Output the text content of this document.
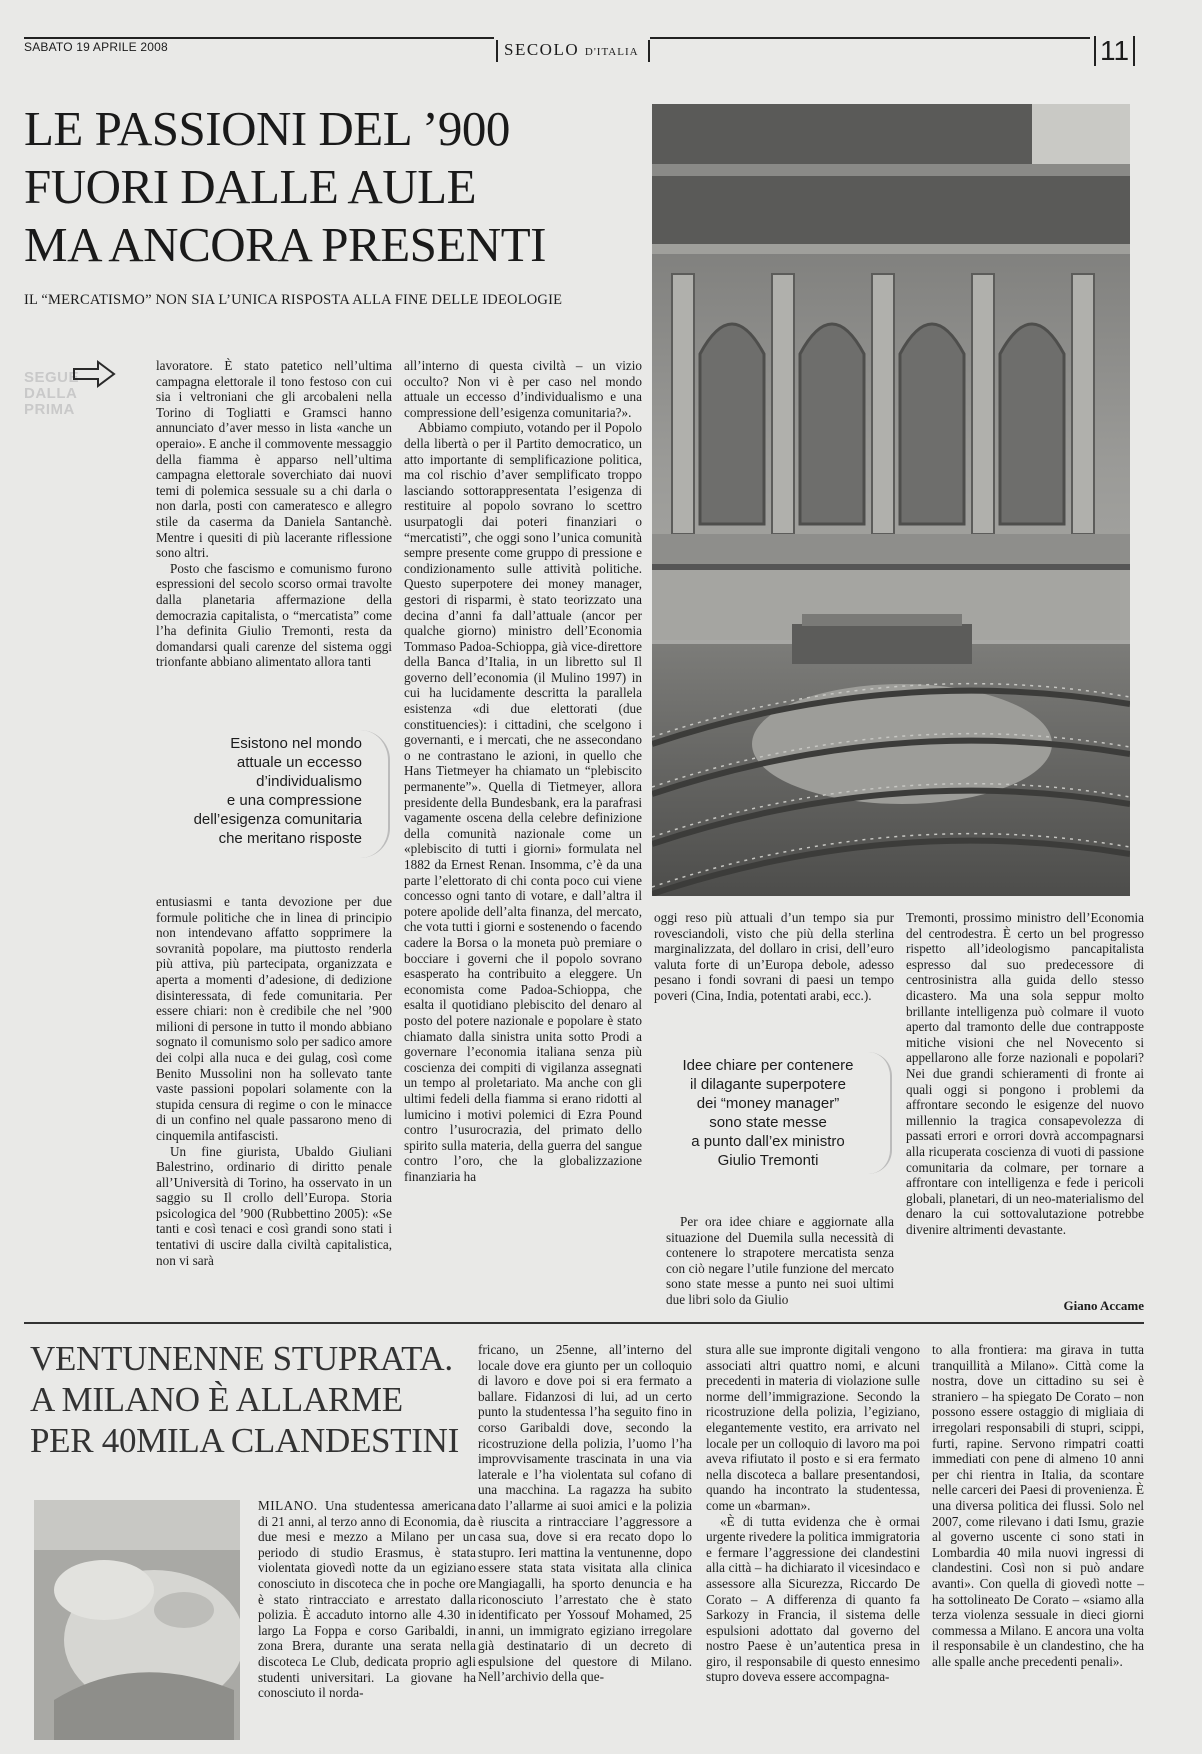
SABATO 19 APRILE 2008	SECOLO D'ITALIA	11
LE PASSIONI DEL ’900
FUORI DALLE AULE
MA ANCORA PRESENTI
IL “MERCATISMO” NON SIA L’UNICA RISPOSTA ALLA FINE DELLE IDEOLOGIE
SEGUE
DALLA
PRIMA

lavoratore. È stato patetico nell’ultima campagna elettorale il tono festoso con cui sia i veltroniani che gli arcobaleni nella Torino di Togliatti e Gramsci hanno annunciato d’aver messo in lista «anche un operaio». E anche il commovente messaggio della fiamma è apparso nell’ultima campagna elettorale soverchiato dai nuovi temi di polemica sessuale su a chi darla o non darla, posti con cameratesco e allegro stile da caserma da Daniela Santanchè. Mentre i quesiti di più lacerante riflessione sono altri.

Posto che fascismo e comunismo furono espressioni del secolo scorso ormai travolte dalla planetaria affermazione della democrazia capitalista, o “mercatista” come l’ha definita Giulio Tremonti, resta da domandarsi quali carenze del sistema oggi trionfante abbiano alimentato allora tanti

Esistono nel mondo
attuale un eccesso
d’individualismo
e una compressione
dell’esigenza comunitaria
che meritano risposte

entusiasmi e tanta devozione per due formule politiche che in linea di principio non intendevano affatto sopprimere la sovranità popolare, ma piuttosto renderla più attiva, più partecipata, organizzata e aperta a momenti d’adesione, di dedizione disinteressata, di fede comunitaria. Per essere chiari: non è credibile che nel ’900 milioni di persone in tutto il mondo abbiano sognato il comunismo solo per sadico amore dei colpi alla nuca e dei gulag, così come Benito Mussolini non ha sollevato tante vaste passioni popolari solamente con la stupida censura di regime o con le minacce di un confino nel quale passarono meno di cinquemila antifascisti.

Un fine giurista, Ubaldo Giuliani Balestrino, ordinario di diritto penale all’Università di Torino, ha osservato in un saggio su Il crollo dell’Europa. Storia psicologica del ’900 (Rubbettino 2005): «Se tanti e così tenaci e così grandi sono stati i tentativi di uscire dalla civiltà capitalistica, non vi sarà

all’interno di questa civiltà – un vizio occulto? Non vi è per caso nel mondo attuale un eccesso d’individualismo e una compressione dell’esigenza comunitaria?».

Abbiamo compiuto, votando per il Popolo della libertà o per il Partito democratico, un atto importante di semplificazione politica, ma col rischio d’aver semplificato troppo lasciando sottorappresentata l’esigenza di restituire al popolo sovrano lo scettro usurpatogli dai poteri finanziari o “mercatisti”, che oggi sono l’unica comunità sempre presente come gruppo di pressione e condizionamento sulle attività politiche. Questo superpotere dei money manager, gestori di risparmi, è stato teorizzato una decina d’anni fa dall’attuale (ancor per qualche giorno) ministro dell’Economia Tommaso Padoa-Schioppa, già vice-direttore della Banca d’Italia, in un libretto sul Il governo dell’economia (il Mulino 1997) in cui ha lucidamente descritta la parallela esistenza «di due elettorati (due constituencies): i cittadini, che scelgono i governanti, e i mercati, che ne assecondano o ne contrastano le azioni, in quello che Hans Tietmeyer ha chiamato un “plebiscito permanente”». Quella di Tietmeyer, allora presidente della Bundesbank, era la parafrasi vagamente oscena della celebre definizione della comunità nazionale come un «plebiscito di tutti i giorni» formulata nel 1882 da Ernest Renan. Insomma, c’è da una parte l’elettorato di chi conta poco cui viene concesso ogni tanto di votare, e dall’altra il potere apolide dell’alta finanza, del mercato, che vota tutti i giorni e sostenendo o facendo cadere la Borsa o la moneta può premiare o bocciare i governi che il popolo sovrano esasperato ha contribuito a eleggere. Un economista come Padoa-Schioppa, che esalta il quotidiano plebiscito del denaro al posto del potere nazionale e popolare è stato chiamato dalla sinistra unita sotto Prodi a governare l’economia italiana senza più coscienza dei compiti di vigilanza assegnati un tempo al proletariato. Ma anche con gli ultimi fedeli della fiamma si erano ridotti al lumicino i motivi polemici di Ezra Pound contro l’usurocrazia, del primato dello spirito sulla materia, della guerra del sangue contro l’oro, che la globalizzazione finanziaria ha

oggi reso più attuali d’un tempo sia pur rovesciandoli, visto che più della sterlina marginalizzata, del dollaro in crisi, dell’euro valuta forte di un’Europa debole, adesso pesano i fondi sovrani di paesi un tempo poveri (Cina, India, potentati arabi, ecc.).

Idee chiare per contenere
il dilagante superpotere
dei “money manager”
sono state messe
a punto dall’ex ministro
Giulio Tremonti

Per ora idee chiare e aggiornate alla situazione del Duemila sulla necessità di contenere lo strapotere mercatista senza con ciò negare l’utile funzione del mercato sono state messe a punto nei suoi ultimi due libri solo da Giulio

Tremonti, prossimo ministro dell’Economia del centrodestra. È certo un bel progresso rispetto all’ideologismo pancapitalista espresso dal suo predecessore di centrosinistra alla guida dello stesso dicastero. Ma una sola seppur molto brillante intelligenza può colmare il vuoto aperto dal tramonto delle due contrapposte mitiche visioni che nel Novecento si appellarono alle forze nazionali e popolari? Nei due grandi schieramenti di fronte ai quali oggi si pongono i problemi da affrontare secondo le esigenze del nuovo millennio la tragica consapevolezza di passati errori e orrori dovrà accompagnarsi alla ricuperata coscienza di vuoti di passione comunitaria da colmare, per tornare a affrontare con intelligenza e fede i pericoli globali, planetari, di un neo-materialismo del denaro la cui sottovalutazione potrebbe divenire altrimenti devastante.

Giano Accame
VENTUNENNE STUPRATA.
A MILANO È ALLARME
PER 40MILA CLANDESTINI

MILANO. Una studentessa americana di 21 anni, al terzo anno di Economia, da due mesi e mezzo a Milano per un periodo di studio Erasmus, è stata violentata giovedì notte da un egiziano conosciuto in discoteca che in poche ore è stato rintracciato e arrestato dalla polizia. È accaduto intorno alle 4.30 in largo La Foppa e corso Garibaldi, in zona Brera, durante una serata nella discoteca Le Club, dedicata proprio agli studenti universitari. La giovane ha conosciuto il norda-

fricano, un 25enne, all’interno del locale dove era giunto per un colloquio di lavoro e dove poi si era fermato a ballare. Fidanzosi di lui, ad un certo punto la studentessa l’ha seguito fino in corso Garibaldi dove, secondo la ricostruzione della polizia, l’uomo l’ha improvvisamente trascinata in una via laterale e l’ha violentata sul cofano di una macchina. La ragazza ha subito dato l’allarme ai suoi amici e la polizia è riuscita a rintracciare l’aggressore a casa sua, dove si era recato dopo lo stupro. Ieri mattina la ventunenne, dopo essere stata stata visitata alla clinica Mangiagalli, ha sporto denuncia e ha riconosciuto l’arrestato che è stato identificato per Yossouf Mohamed, 25 anni, un immigrato egiziano irregolare già destinatario di un decreto di espulsione del questore di Milano. Nell’archivio della que-

stura alle sue impronte digitali vengono associati altri quattro nomi, e alcuni precedenti in materia di violazione sulle norme dell’immigrazione. Secondo la ricostruzione della polizia, l’egiziano, elegantemente vestito, era arrivato nel locale per un colloquio di lavoro ma poi aveva rifiutato il posto e si era fermato nella discoteca a ballare presentandosi, quando ha incontrato la studentessa, come un «barman».

«È di tutta evidenza che è ormai urgente rivedere la politica immigratoria e fermare l’aggressione dei clandestini alla città – ha dichiarato il vicesindaco e assessore alla Sicurezza, Riccardo De Corato – A differenza di quanto fa Sarkozy in Francia, il sistema delle espulsioni adottato dal governo del nostro Paese è un’autentica presa in giro, il responsabile di questo ennesimo stupro doveva essere accompagna-

to alla frontiera: ma girava in tutta tranquillità a Milano». Città come la nostra, dove un cittadino su sei è straniero – ha spiegato De Corato – non possono essere ostaggio di migliaia di irregolari responsabili di stupri, scippi, furti, rapine. Servono rimpatri coatti immediati con pene di almeno 10 anni per chi rientra in Italia, da scontare nelle carceri dei Paesi di provenienza. È una diversa politica dei flussi. Solo nel 2007, come rilevano i dati Ismu, grazie al governo uscente ci sono stati in Lombardia 40 mila nuovi ingressi di clandestini. Così non si può andare avanti». Con quella di giovedì notte – ha sottolineato De Corato – «siamo alla terza violenza sessuale in dieci giorni commessa a Milano. E ancora una volta il responsabile è un clandestino, che ha alle spalle anche precedenti penali».
